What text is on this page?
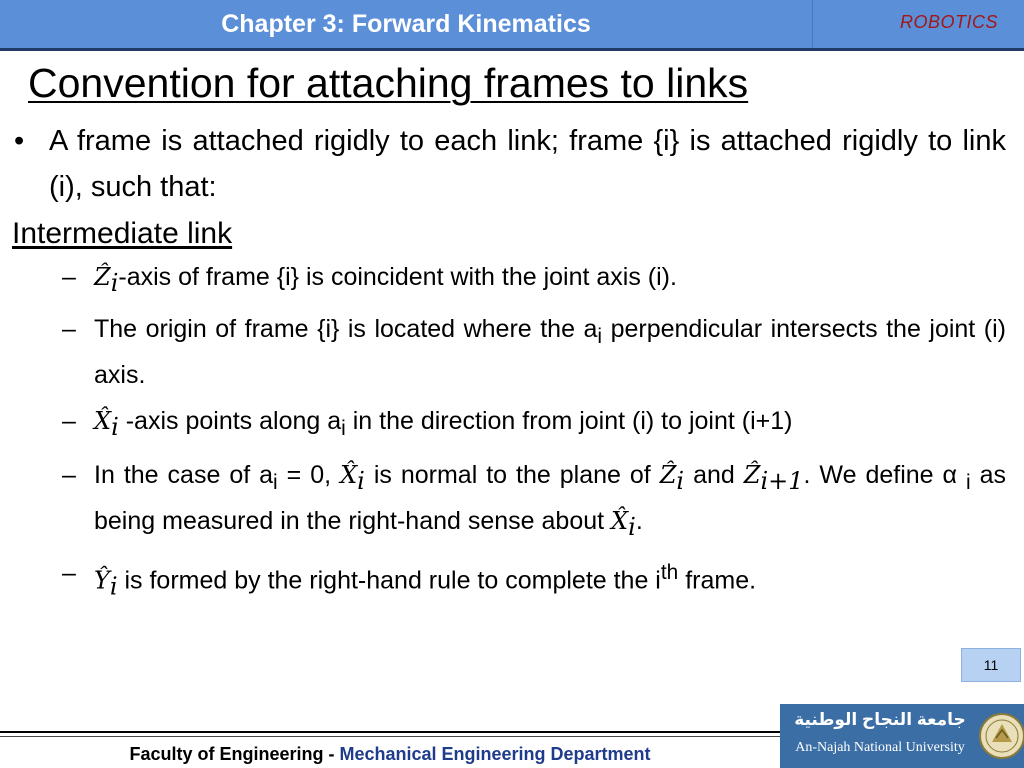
Chapter 3: Forward Kinematics	ROBOTICS
Convention for attaching frames to links
• A frame is attached rigidly to each link; frame {i} is attached rigidly to link (i), such that:
Intermediate link
– Ẑ$_i$-axis of frame {i} is coincident with the joint axis (i).
– The origin of frame {i} is located where the $a_i$ perpendicular intersects the joint (i) axis.
– $X̂_i$ -axis points along $a_i$ in the direction from joint (i) to joint (i+1)
– In the case of $a_i = 0$, $X̂_i$ is normal to the plane of Ẑ$_i$ and Ẑ$_{i+1}$. We define α $_i$ as being measured in the right-hand sense about $X̂_i$.
– $Ŷ_i$ is formed by the right-hand rule to complete the $i^{th}$ frame.
11
Faculty of Engineering - Mechanical Engineering Department
جامعة النجاح الوطنية
An-Najah National University
